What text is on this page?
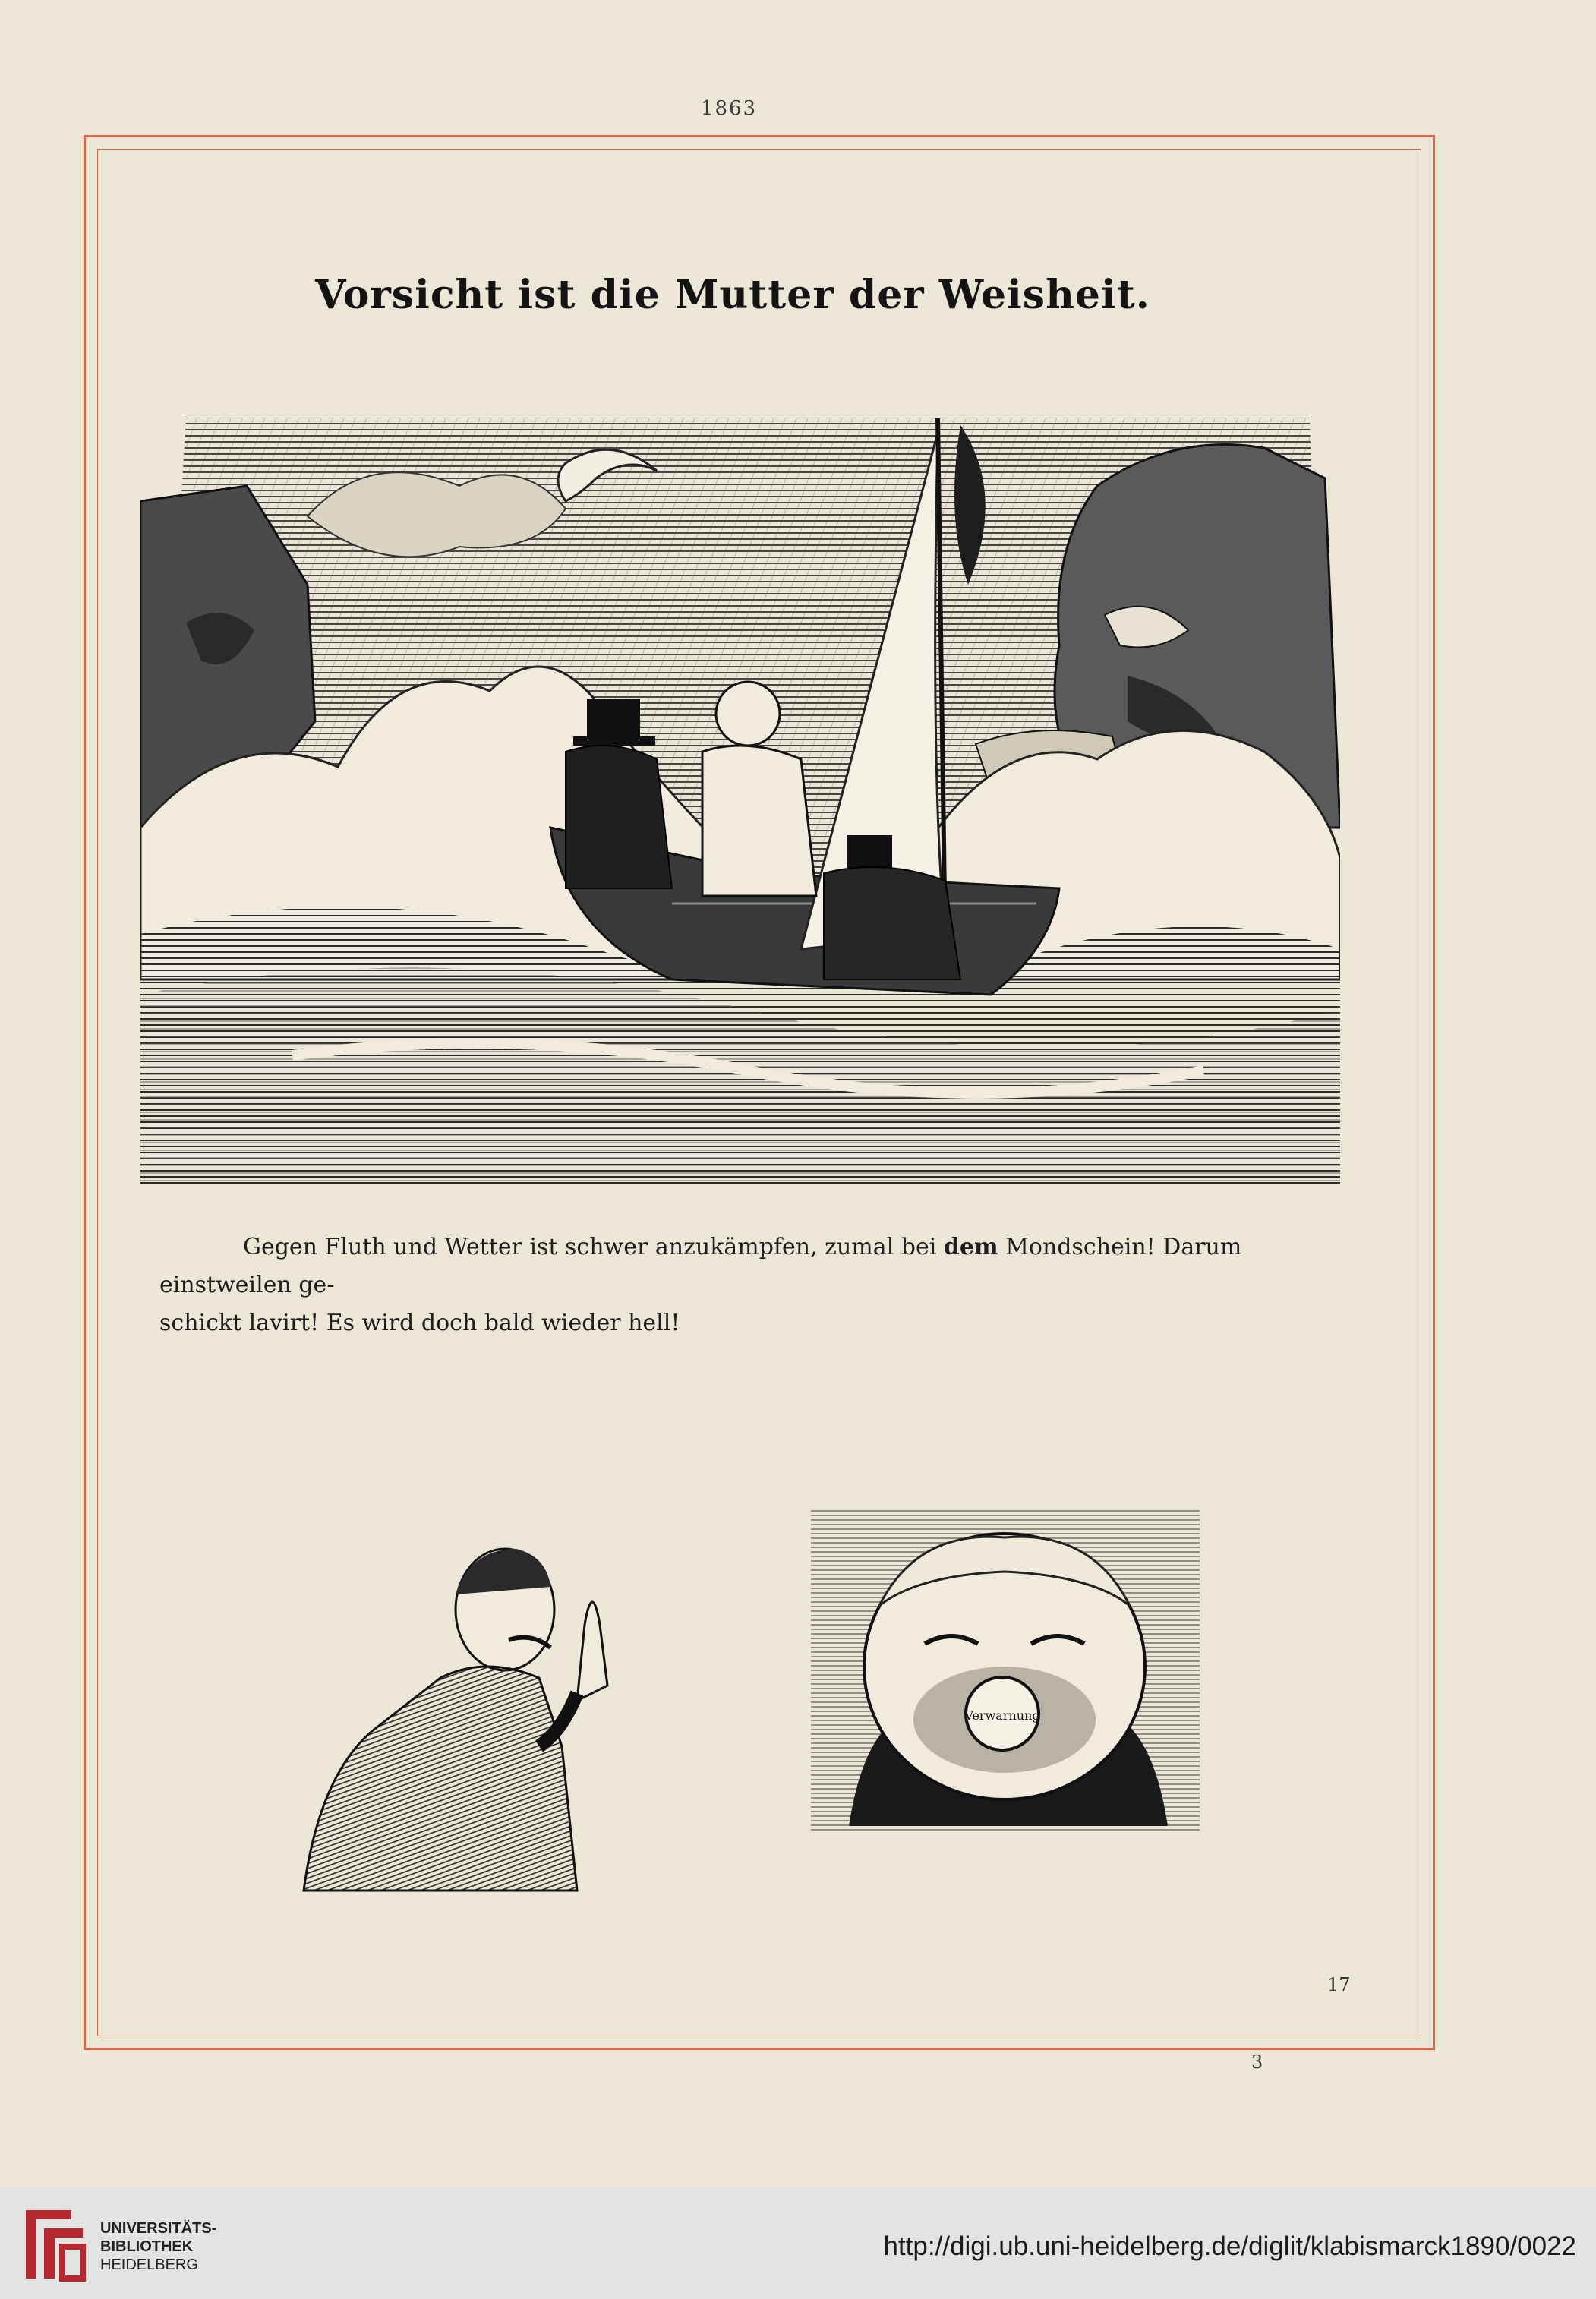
1863
Vorsicht ist die Mutter der Weisheit.
Gegen Fluth und Wetter ist schwer anzukämpfen, zumal bei dem Mondschein! Darum einstweilen ge-
schickt lavirt! Es wird doch bald wieder hell!
Verwarnung
17
3
UNIVERSITÄTS-
BIBLIOTHEK
HEIDELBERG
http://digi.ub.uni-heidelberg.de/diglit/klabismarck1890/0022
